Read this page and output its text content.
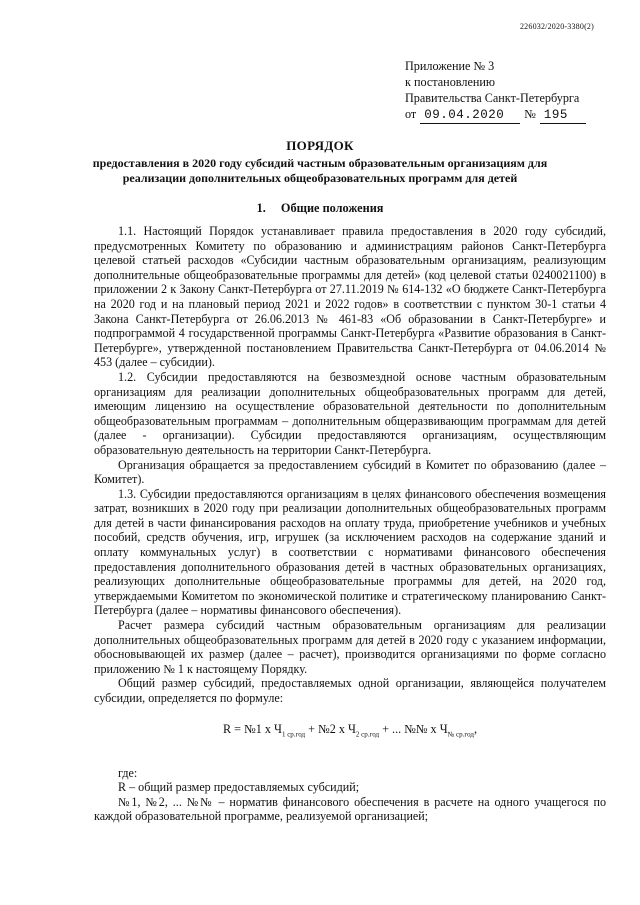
226032/2020-3380(2)
Приложение № 3
к постановлению
Правительства Санкт-Петербурга
от 09.04.2020	№ 195
ПОРЯДОК
предоставления в 2020 году субсидий частным образовательным организациям для реализации дополнительных общеобразовательных программ для детей
1. Общие положения

1.1. Настоящий Порядок устанавливает правила предоставления в 2020 году субсидий, предусмотренных Комитету по образованию и администрациям районов Санкт-Петербурга целевой статьей расходов «Субсидии частным образовательным организациям, реализующим дополнительные общеобразовательные программы для детей» (код целевой статьи 0240021100) в приложении 2 к Закону Санкт-Петербурга от 27.11.2019 № 614-132 «О бюджете Санкт-Петербурга на 2020 год и на плановый период 2021 и 2022 годов» в соответствии с пунктом 30-1 статьи 4 Закона Санкт-Петербурга от 26.06.2013 № 461-83 «Об образовании в Санкт-Петербурге» и подпрограммой 4 государственной программы Санкт-Петербурга «Развитие образования в Санкт-Петербурге», утвержденной постановлением Правительства Санкт-Петербурга от 04.06.2014 № 453 (далее – субсидии).

1.2. Субсидии предоставляются на безвозмездной основе частным образовательным организациям для реализации дополнительных общеобразовательных программ для детей, имеющим лицензию на осуществление образовательной деятельности по дополнительным общеобразовательным программам – дополнительным общеразвивающим программам для детей (далее - организации). Субсидии предоставляются организациям, осуществляющим образовательную деятельность на территории Санкт-Петербурга.

Организация обращается за предоставлением субсидий в Комитет по образованию (далее – Комитет).

1.3. Субсидии предоставляются организациям в целях финансового обеспечения возмещения затрат, возникших в 2020 году при реализации дополнительных общеобразовательных программ для детей в части финансирования расходов на оплату труда, приобретение учебников и учебных пособий, средств обучения, игр, игрушек (за исключением расходов на содержание зданий и оплату коммунальных услуг) в соответствии с нормативами финансового обеспечения предоставления дополнительного образования детей в частных образовательных организациях, реализующих дополнительные общеобразовательные программы для детей, на 2020 год, утверждаемыми Комитетом по экономической политике и стратегическому планированию Санкт-Петербурга (далее – нормативы финансового обеспечения).

Расчет размера субсидий частным образовательным организациям для реализации дополнительных общеобразовательных программ для детей в 2020 году с указанием информации, обосновывающей их размер (далее – расчет), производится организациями по форме согласно приложению № 1 к настоящему Порядку.

Общий размер субсидий, предоставляемых одной организации, являющейся получателем субсидии, определяется по формуле:

R = №1 х $Ч_{1 ср.год}$ + №2 х $Ч_{2 ср.год}$ + ... №№ х $Ч_{№ ср.год}$,

где:

R – общий размер предоставляемых субсидий;

№1, №2, ... №№ – норматив финансового обеспечения в расчете на одного учащегося по каждой образовательной программе, реализуемой организацией;
